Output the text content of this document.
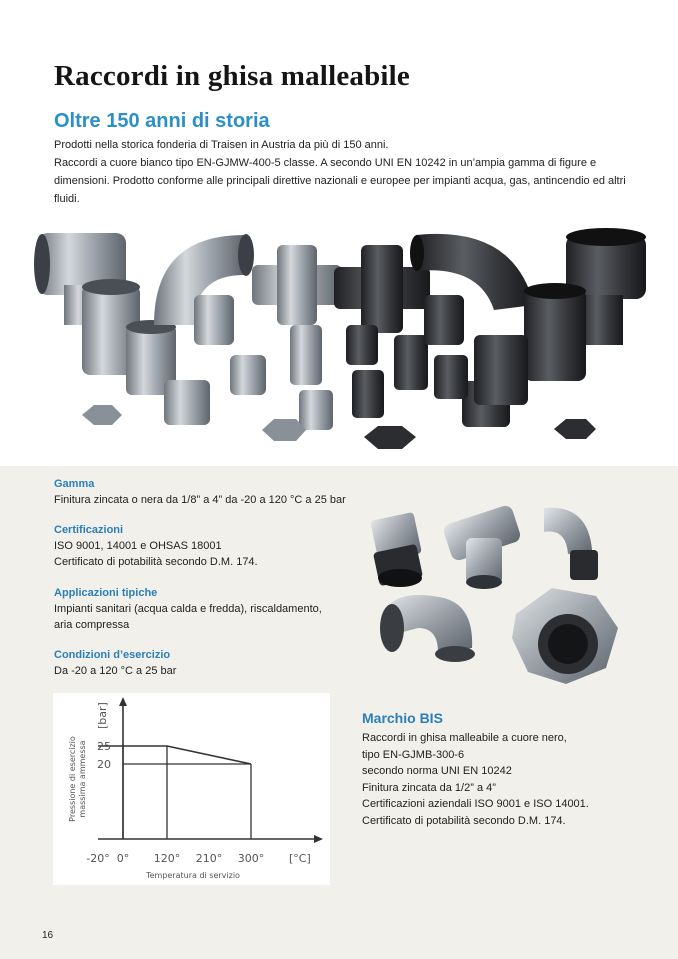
Raccordi in ghisa malleabile
Oltre 150 anni di storia

Prodotti nella storica fonderia di Traisen in Austria da più di 150 anni.

Raccordi a cuore bianco tipo EN-GJMW-400-5 classe. A secondo UNI EN 10242 in un’ampia gamma di figure e dimensioni. Prodotto conforme alle principali direttive nazionali e europee per impianti acqua, gas, antincendio ed altri fluidi.

Gamma
Finitura zincata o nera da 1/8” a 4” da -20 a 120 °C a 25 bar
Certificazioni
ISO 9001, 14001 e OHSAS 18001
Certificato di potabilità secondo D.M. 174.
Applicazioni tipiche
Impianti sanitari (acqua calda e fredda), riscaldamento,
aria compressa
Condizioni d’esercizio
Da -20 a 120 °C a 25 bar
25
20
-20° 0° 120° 210° 300°
[bar]
[°C]
Temperatura di servizio
Pressione di esercizio massima ammessa
Marchio BIS
Raccordi in ghisa malleabile a cuore nero,
tipo EN-GJMB-300-6
secondo norma UNI EN 10242
Finitura zincata da 1/2” a 4”
Certificazioni aziendali ISO 9001 e ISO 14001.
Certificato di potabilità secondo D.M. 174.
16
